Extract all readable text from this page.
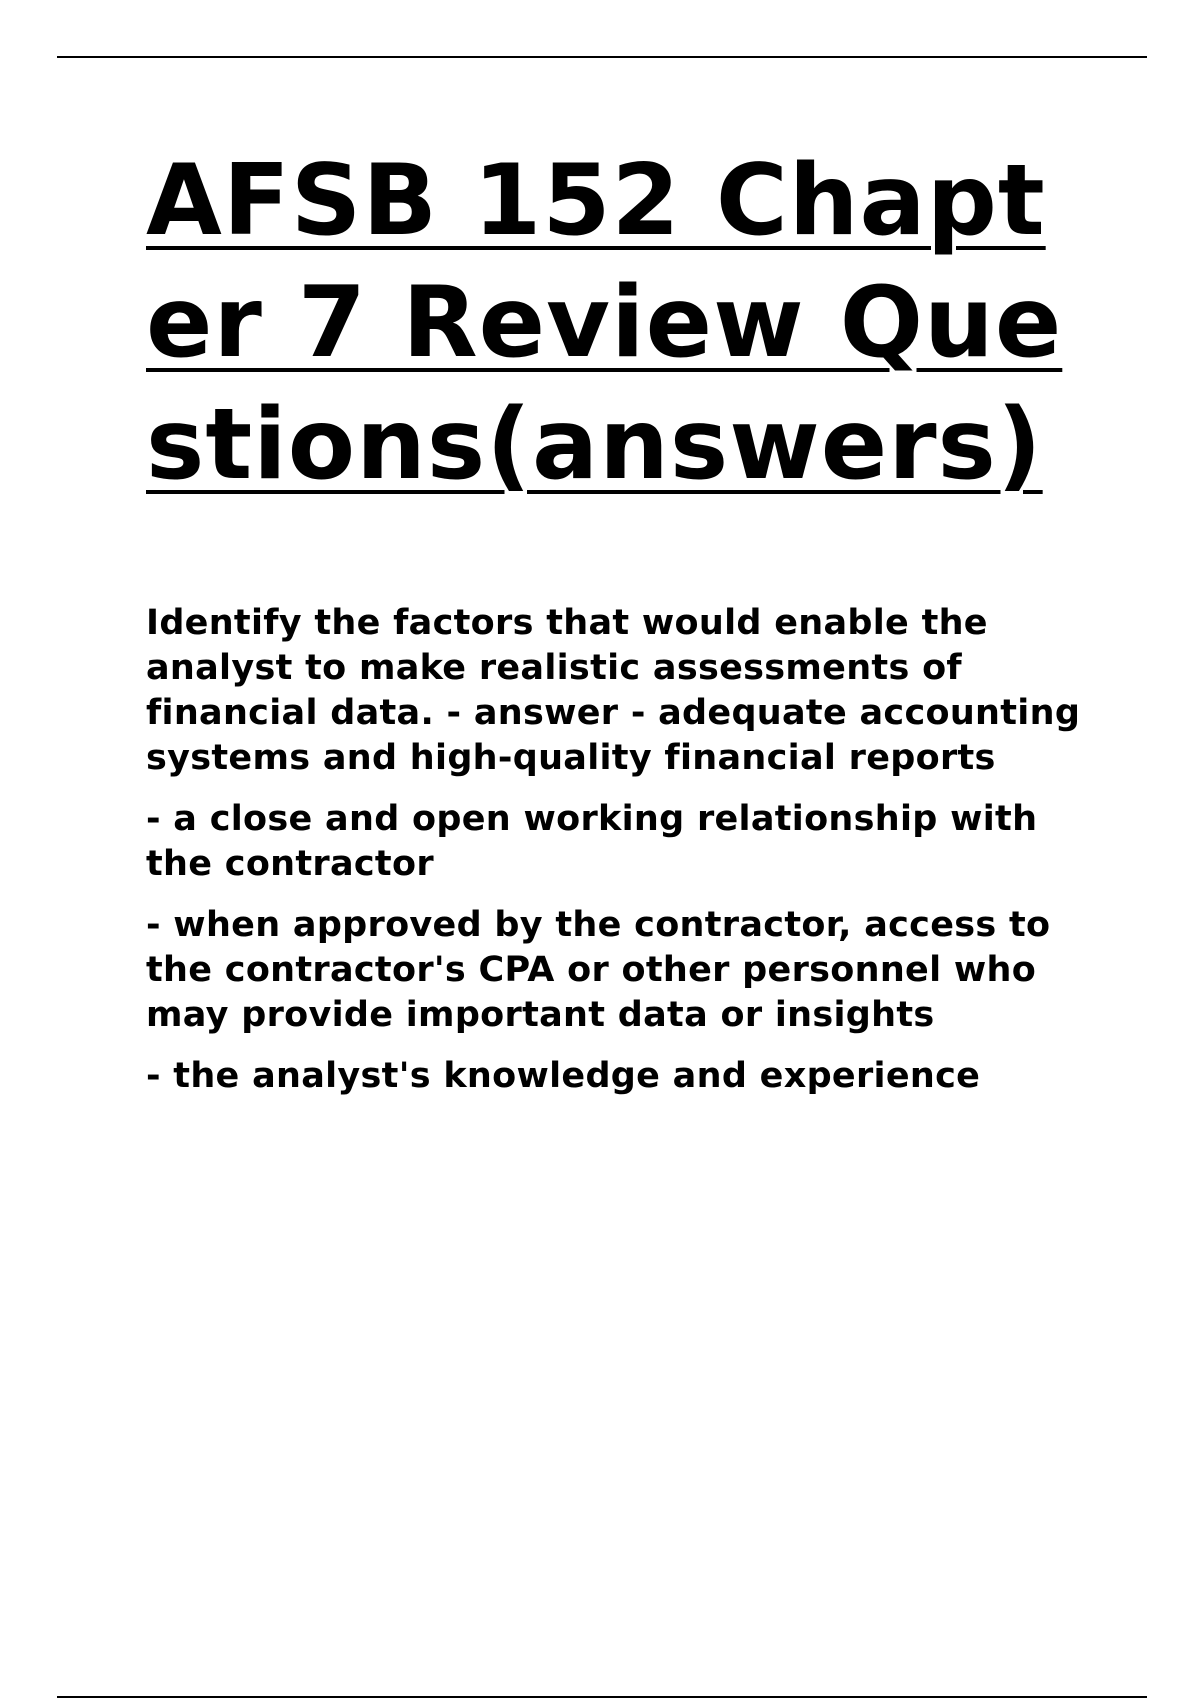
AFSB 152 Chapter 7 Review Questions(answers)

Identify the factors that would enable the analyst to make realistic assessments of financial data. - answer - adequate accounting systems and high-quality financial reports

- a close and open working relationship with the contractor

- when approved by the contractor, access to the contractor's CPA or other personnel who may provide important data or insights

- the analyst's knowledge and experience
